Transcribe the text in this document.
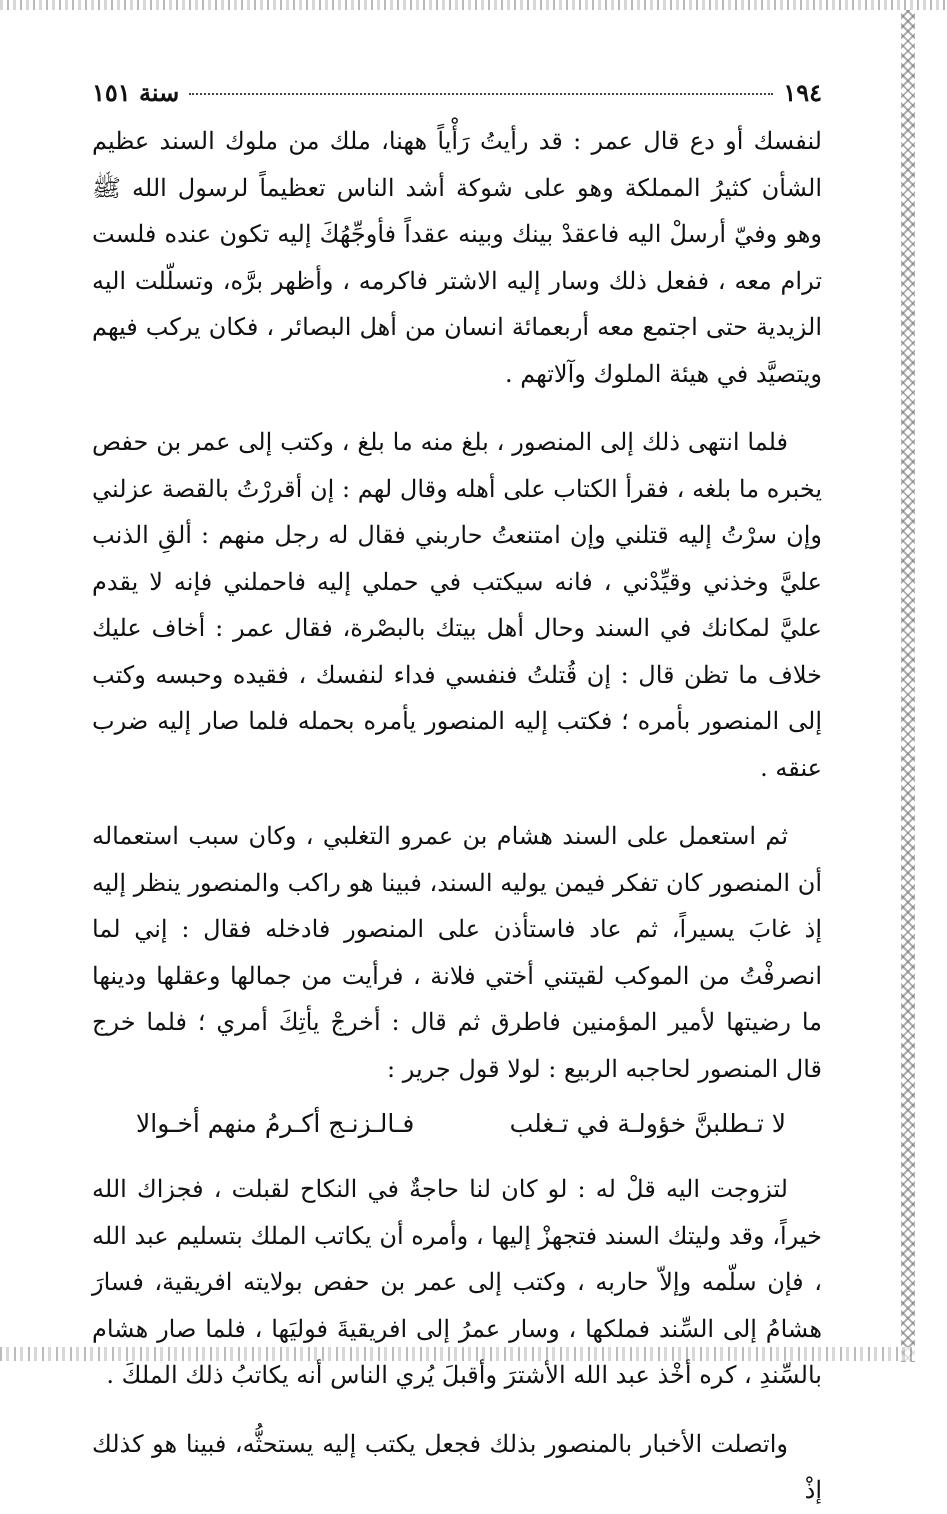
١٩٤
سنة ١٥١

لنفسك أو دع قال عمر : قد رأيتُ رَأْياً ههنا، ملك من ملوك السند عظيم الشأن كثيرُ المملكة وهو على شوكة أشد الناس تعظيماً لرسول الله ﷺ وهو وفيّ أرسلْ اليه فاعقدْ بينك وبينه عقداً فأوجِّهُكَ إليه تكون عنده فلست ترام معه ، ففعل ذلك وسار إليه الاشتر فاكرمه ، وأظهر برَّه، وتسلّلت اليه الزيدية حتى اجتمع معه أربعمائة انسان من أهل البصائر ، فكان يركب فيهم ويتصيَّد في هيئة الملوك وآلاتهم .

فلما انتهى ذلك إلى المنصور ، بلغ منه ما بلغ ، وكتب إلى عمر بن حفص يخبره ما بلغه ، فقرأ الكتاب على أهله وقال لهم : إن أقررْتُ بالقصة عزلني وإن سرْتُ إليه قتلني وإن امتنعتُ حاربني فقال له رجل منهم : ألقِ الذنب عليَّ وخذني وقيِّدْني ، فانه سيكتب في حملي إليه فاحملني فإنه لا يقدم عليَّ لمكانك في السند وحال أهل بيتك بالبصْرة، فقال عمر : أخاف عليك خلاف ما تظن قال : إن قُتلتُ فنفسي فداء لنفسك ، فقيده وحبسه وكتب إلى المنصور بأمره ؛ فكتب إليه المنصور يأمره بحمله فلما صار إليه ضرب عنقه .

ثم استعمل على السند هشام بن عمرو التغلبي ، وكان سبب استعماله أن المنصور كان تفكر فيمن يوليه السند، فبينا هو راكب والمنصور ينظر إليه إذ غابَ يسيراً، ثم عاد فاستأذن على المنصور فادخله فقال : إني لما انصرفْتُ من الموكب لقيتني أختي فلانة ، فرأيت من جمالها وعقلها ودينها ما رضيتها لأمير المؤمنين فاطرق ثم قال : أخرجْ يأتِكَ أمري ؛ فلما خرج قال المنصور لحاجبه الربيع : لولا قول جرير :

لا تـطلبنَّ خؤولـة في تـغلب
فـالـزنـج أكـرمُ منهم أخـوالا

لتزوجت اليه قلْ له : لو كان لنا حاجةٌ في النكاح لقبلت ، فجزاك الله خيراً، وقد وليتك السند فتجهزْ إليها ، وأمره أن يكاتب الملك بتسليم عبد الله ، فإن سلّمه وإلاّ حاربه ، وكتب إلى عمر بن حفص بولايته افريقية، فسارَ هشامُ إلى السِّند فملكها ، وسار عمرُ إلى افريقيةَ فوليَها ، فلما صار هشام بالسِّندِ ، كره أخْذ عبد الله الأشترَ وأقبلَ يُري الناس أنه يكاتبُ ذلك الملكَ .

واتصلت الأخبار بالمنصور بذلك فجعل يكتب إليه يستحثُّه، فبينا هو كذلك إذْ
